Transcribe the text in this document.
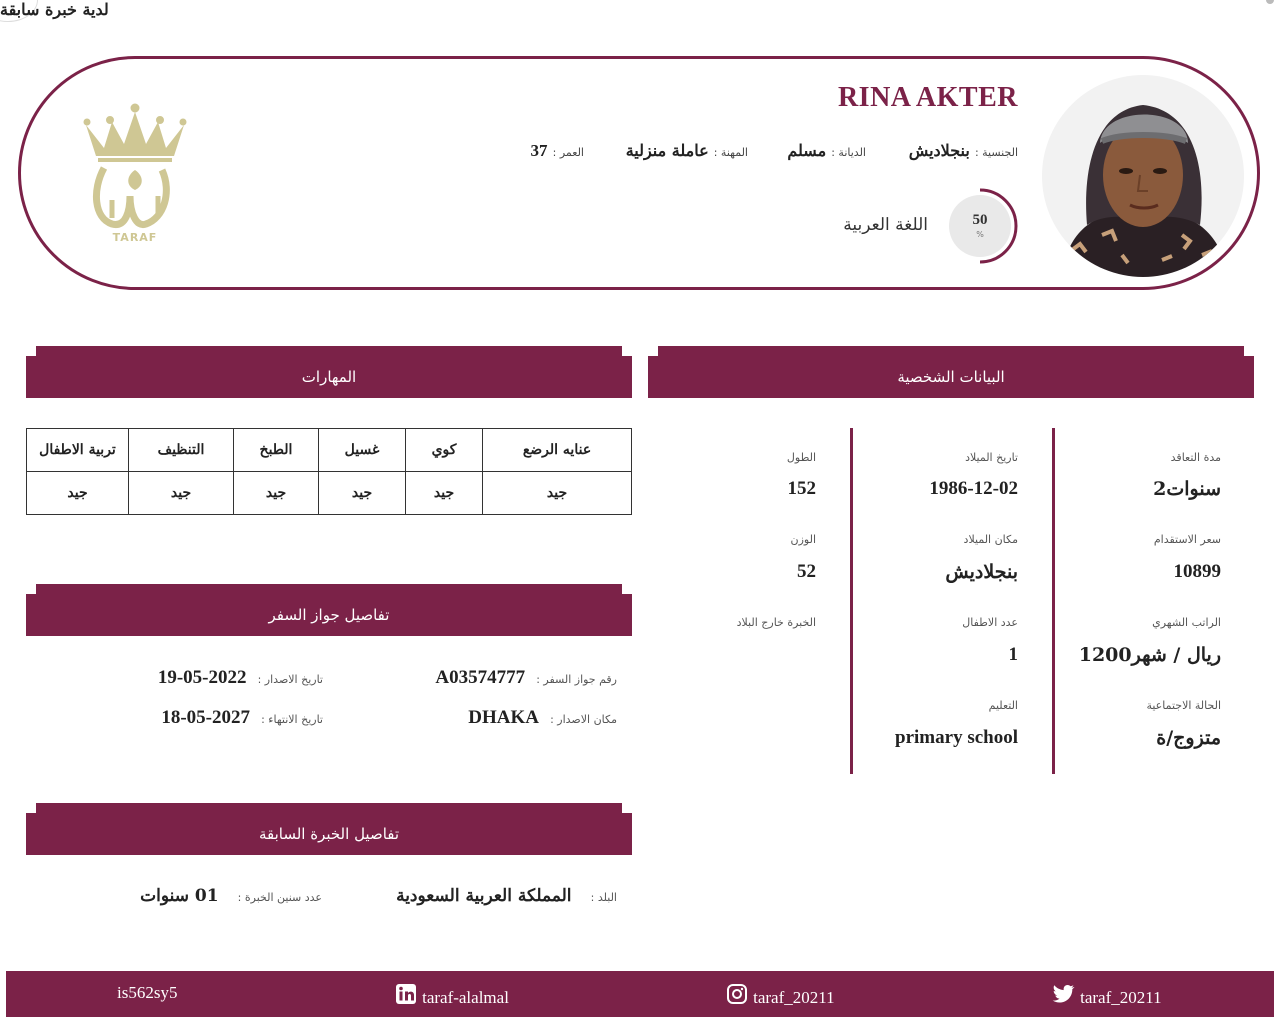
TARAF
RINA AKTER
الجنسية : بنجلاديش
الديانة : مسلم
المهنة : عاملة منزلية
العمر : 37
50
%
اللغة العربية
المهارات
عنايه الرضع	كوي	غسيل	الطبخ	التنظيف	تربية الاطفال
جيد	جيد	جيد	جيد	جيد	جيد
البيانات الشخصية
مدة التعاقد
2سنوات
سعر الاستقدام
10899
الراتب الشهري
1200ريال / شهر
الحالة الاجتماعية
متزوج/ة
تاريخ الميلاد
1986-12-02
مكان الميلاد
بنجلاديش
عدد الاطفال
1
التعليم
primary school
الطول
152
الوزن
52
الخبرة خارج البلاد
لدية خبرة سابقة
تفاصيل جواز السفر
رقم جواز السفر : A03574777
تاريخ الاصدار : 2022-05-19
مكان الاصدار : DHAKA
تاريخ الانتهاء : 2027-05-18
تفاصيل الخبرة السابقة
البلد : المملكة العربية السعودية
عدد سنين الخبرة : 01 سنوات
is562sy5	taraf-alalmal	taraf_20211	taraf_20211
